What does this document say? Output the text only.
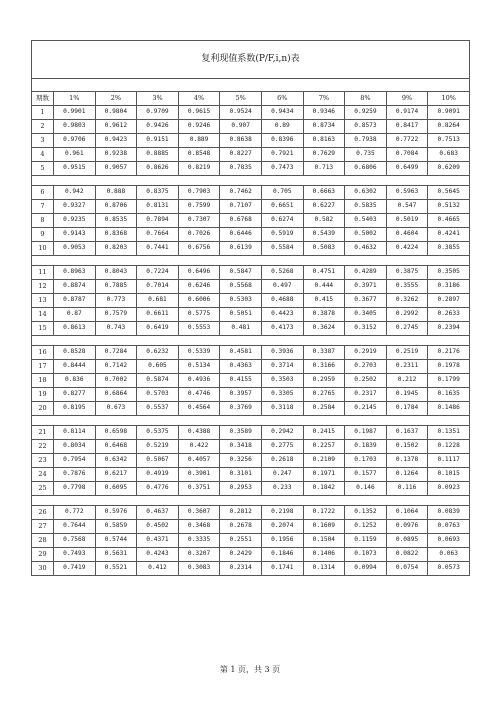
复利现值系数(P/F,i,n)表										

期数	1%	2%	3%	4%	5%	6%	7%	8%	9%	10%
1	0.9901	0.9804	0.9709	0.9615	0.9524	0.9434	0.9346	0.9259	0.9174	0.9091
2	0.9803	0.9612	0.9426	0.9246	0.907	0.89	0.8734	0.8573	0.8417	0.8264
3	0.9706	0.9423	0.9151	0.889	0.8638	0.8396	0.8163	0.7938	0.7722	0.7513
4	0.961	0.9238	0.8885	0.8548	0.8227	0.7921	0.7629	0.735	0.7084	0.683
5	0.9515	0.9057	0.8626	0.8219	0.7835	0.7473	0.713	0.6806	0.6499	0.6209

6	0.942	0.888	0.8375	0.7903	0.7462	0.705	0.6663	0.6302	0.5963	0.5645
7	0.9327	0.8706	0.8131	0.7599	0.7107	0.6651	0.6227	0.5835	0.547	0.5132
8	0.9235	0.8535	0.7894	0.7307	0.6768	0.6274	0.582	0.5403	0.5019	0.4665
9	0.9143	0.8368	0.7664	0.7026	0.6446	0.5919	0.5439	0.5002	0.4604	0.4241
10	0.9053	0.8203	0.7441	0.6756	0.6139	0.5584	0.5083	0.4632	0.4224	0.3855

11	0.8963	0.8043	0.7224	0.6496	0.5847	0.5268	0.4751	0.4289	0.3875	0.3505
12	0.8874	0.7885	0.7014	0.6246	0.5568	0.497	0.444	0.3971	0.3555	0.3186
13	0.8787	0.773	0.681	0.6006	0.5303	0.4688	0.415	0.3677	0.3262	0.2897
14	0.87	0.7579	0.6611	0.5775	0.5051	0.4423	0.3878	0.3405	0.2992	0.2633
15	0.8613	0.743	0.6419	0.5553	0.481	0.4173	0.3624	0.3152	0.2745	0.2394

16	0.8528	0.7284	0.6232	0.5339	0.4581	0.3936	0.3387	0.2919	0.2519	0.2176
17	0.8444	0.7142	0.605	0.5134	0.4363	0.3714	0.3166	0.2703	0.2311	0.1978
18	0.836	0.7002	0.5874	0.4936	0.4155	0.3503	0.2959	0.2502	0.212	0.1799
19	0.8277	0.6864	0.5703	0.4746	0.3957	0.3305	0.2765	0.2317	0.1945	0.1635
20	0.8195	0.673	0.5537	0.4564	0.3769	0.3118	0.2584	0.2145	0.1784	0.1486

21	0.8114	0.6598	0.5375	0.4388	0.3589	0.2942	0.2415	0.1987	0.1637	0.1351
22	0.8034	0.6468	0.5219	0.422	0.3418	0.2775	0.2257	0.1839	0.1502	0.1228
23	0.7954	0.6342	0.5067	0.4057	0.3256	0.2618	0.2109	0.1703	0.1378	0.1117
24	0.7876	0.6217	0.4919	0.3901	0.3101	0.247	0.1971	0.1577	0.1264	0.1015
25	0.7798	0.6095	0.4776	0.3751	0.2953	0.233	0.1842	0.146	0.116	0.0923

26	0.772	0.5976	0.4637	0.3607	0.2812	0.2198	0.1722	0.1352	0.1064	0.0839
27	0.7644	0.5859	0.4502	0.3468	0.2678	0.2074	0.1609	0.1252	0.0976	0.0763
28	0.7568	0.5744	0.4371	0.3335	0.2551	0.1956	0.1504	0.1159	0.0895	0.0693
29	0.7493	0.5631	0.4243	0.3207	0.2429	0.1846	0.1406	0.1073	0.0822	0.063
30	0.7419	0.5521	0.412	0.3083	0.2314	0.1741	0.1314	0.0994	0.0754	0.0573
第 1 页，共 3 页
